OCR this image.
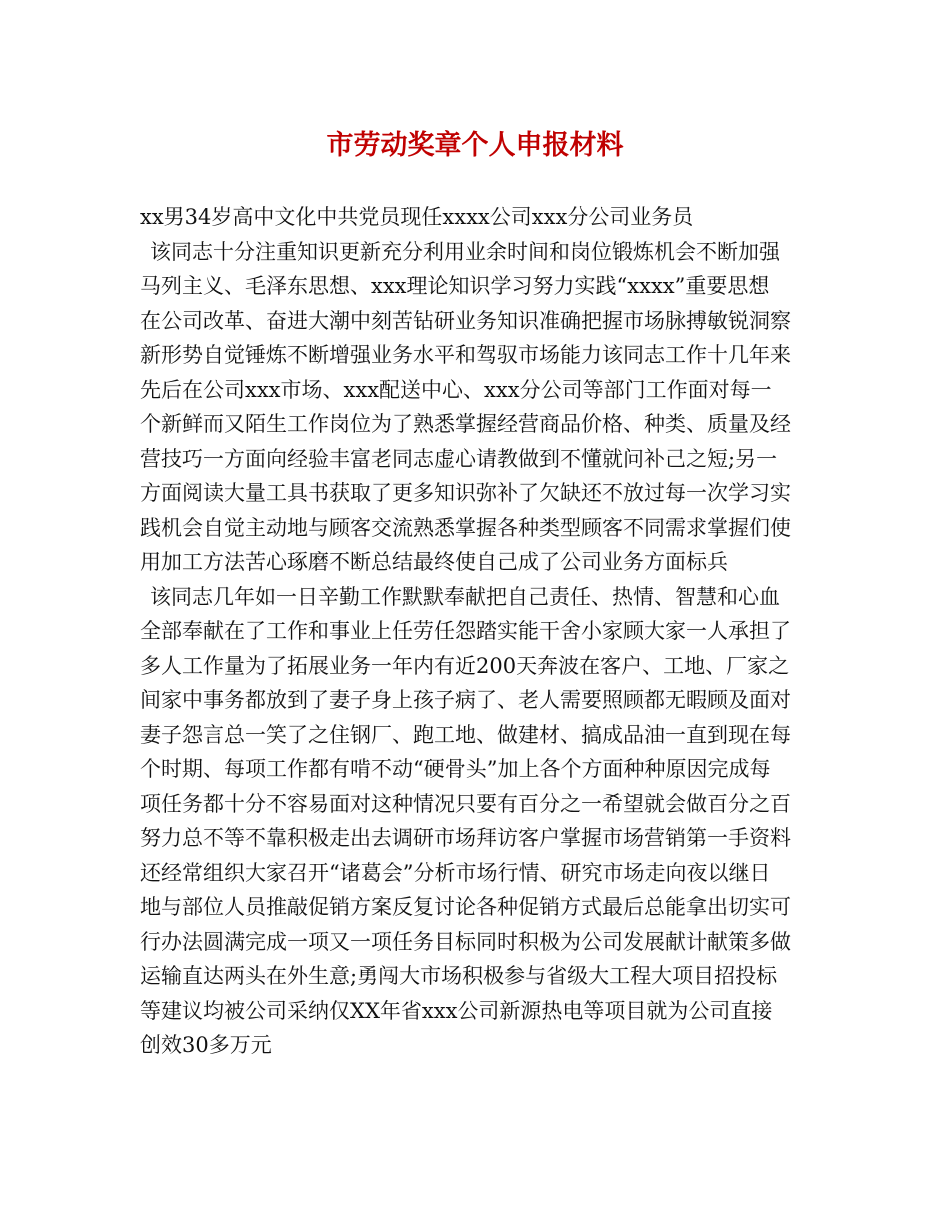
市劳动奖章个人申报材料
xx男34岁高中文化中共党员现任xxxx公司xxx分公司业务员
该同志十分注重知识更新充分利用业余时间和岗位锻炼机会不断加强
马列主义、毛泽东思想、xxx理论知识学习努力实践“xxxx”重要思想
在公司改革、奋进大潮中刻苦钻研业务知识准确把握市场脉搏敏锐洞察
新形势自觉锤炼不断增强业务水平和驾驭市场能力该同志工作十几年来
先后在公司xxx市场、xxx配送中心、xxx分公司等部门工作面对每一
个新鲜而又陌生工作岗位为了熟悉掌握经营商品价格、种类、质量及经
营技巧一方面向经验丰富老同志虚心请教做到不懂就问补己之短;另一
方面阅读大量工具书获取了更多知识弥补了欠缺还不放过每一次学习实
践机会自觉主动地与顾客交流熟悉掌握各种类型顾客不同需求掌握们使
用加工方法苦心琢磨不断总结最终使自己成了公司业务方面标兵
该同志几年如一日辛勤工作默默奉献把自己责任、热情、智慧和心血
全部奉献在了工作和事业上任劳任怨踏实能干舍小家顾大家一人承担了
多人工作量为了拓展业务一年内有近200天奔波在客户、工地、厂家之
间家中事务都放到了妻子身上孩子病了、老人需要照顾都无暇顾及面对
妻子怨言总一笑了之住钢厂、跑工地、做建材、搞成品油一直到现在每
个时期、每项工作都有啃不动“硬骨头”加上各个方面种种原因完成每
项任务都十分不容易面对这种情况只要有百分之一希望就会做百分之百
努力总不等不靠积极走出去调研市场拜访客户掌握市场营销第一手资料
还经常组织大家召开“诸葛会”分析市场行情、研究市场走向夜以继日
地与部位人员推敲促销方案反复讨论各种促销方式最后总能拿出切实可
行办法圆满完成一项又一项任务目标同时积极为公司发展献计献策多做
运输直达两头在外生意;勇闯大市场积极参与省级大工程大项目招投标
等建议均被公司采纳仅XX年省xxx公司新源热电等项目就为公司直接
创效30多万元
